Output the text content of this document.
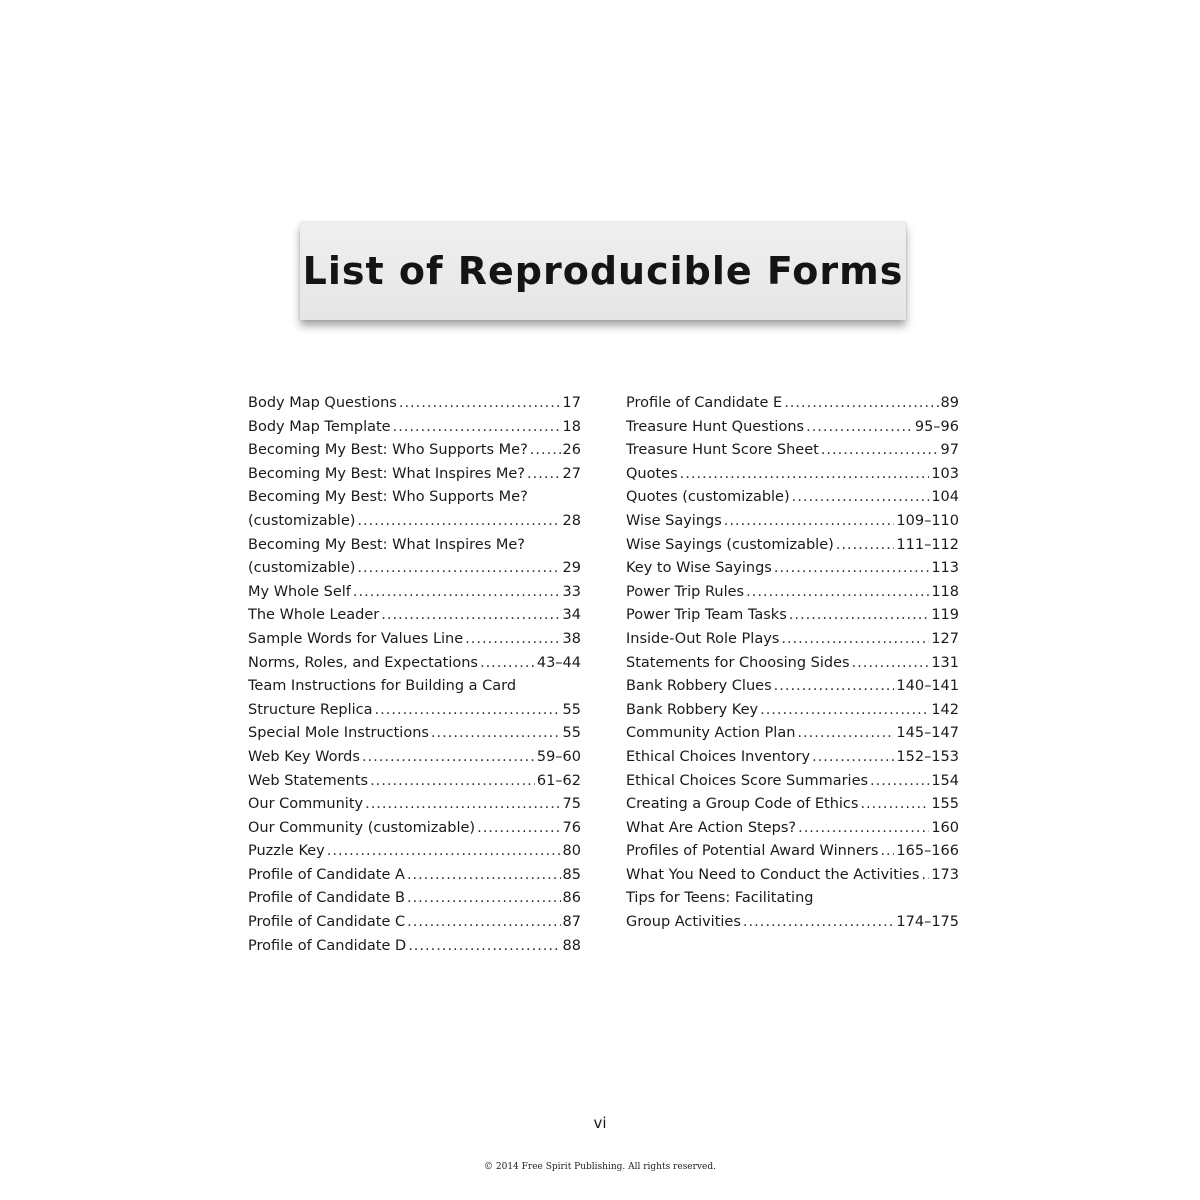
List of Reproducible Forms
Body Map Questions .....	17
Body Map Template .....	18
Becoming My Best: Who Supports Me? ..... 26
Becoming My Best: What Inspires Me? .....	27
Becoming My Best: Who Supports Me?
(customizable) .....	28
Becoming My Best: What Inspires Me?
(customizable) .....	29
My Whole Self .....	33
The Whole Leader .....	34
Sample Words for Values Line .....	38
Norms, Roles, and Expectations .....	43–44
Team Instructions for Building a Card
Structure Replica .....	55
Special Mole Instructions .....	55
Web Key Words .....	59–60
Web Statements .....	61–62
Our Community .....	75
Our Community (customizable) .....	76
Puzzle Key .....	80
Profile of Candidate A .....	85
Profile of Candidate B .....	86
Profile of Candidate C .....	87
Profile of Candidate D .....	88
Profile of Candidate E .....	89
Treasure Hunt Questions .....	95–96
Treasure Hunt Score Sheet .....	97
Quotes .....	103
Quotes (customizable) .....	104
Wise Sayings .....	109–110
Wise Sayings (customizable) .....	111–112
Key to Wise Sayings .....	113
Power Trip Rules .....	118
Power Trip Team Tasks .....	119
Inside-Out Role Plays .....	127
Statements for Choosing Sides .....	131
Bank Robbery Clues .....	140–141
Bank Robbery Key .....	142
Community Action Plan .....	145–147
Ethical Choices Inventory .....	152–153
Ethical Choices Score Summaries .....	154
Creating a Group Code of Ethics .....	155
What Are Action Steps? .....	160
Profiles of Potential Award Winners ..... 165–166
What You Need to Conduct the Activities ..... 173
Tips for Teens: Facilitating
Group Activities .....	174–175
vi
© 2014 Free Spirit Publishing. All rights reserved.
